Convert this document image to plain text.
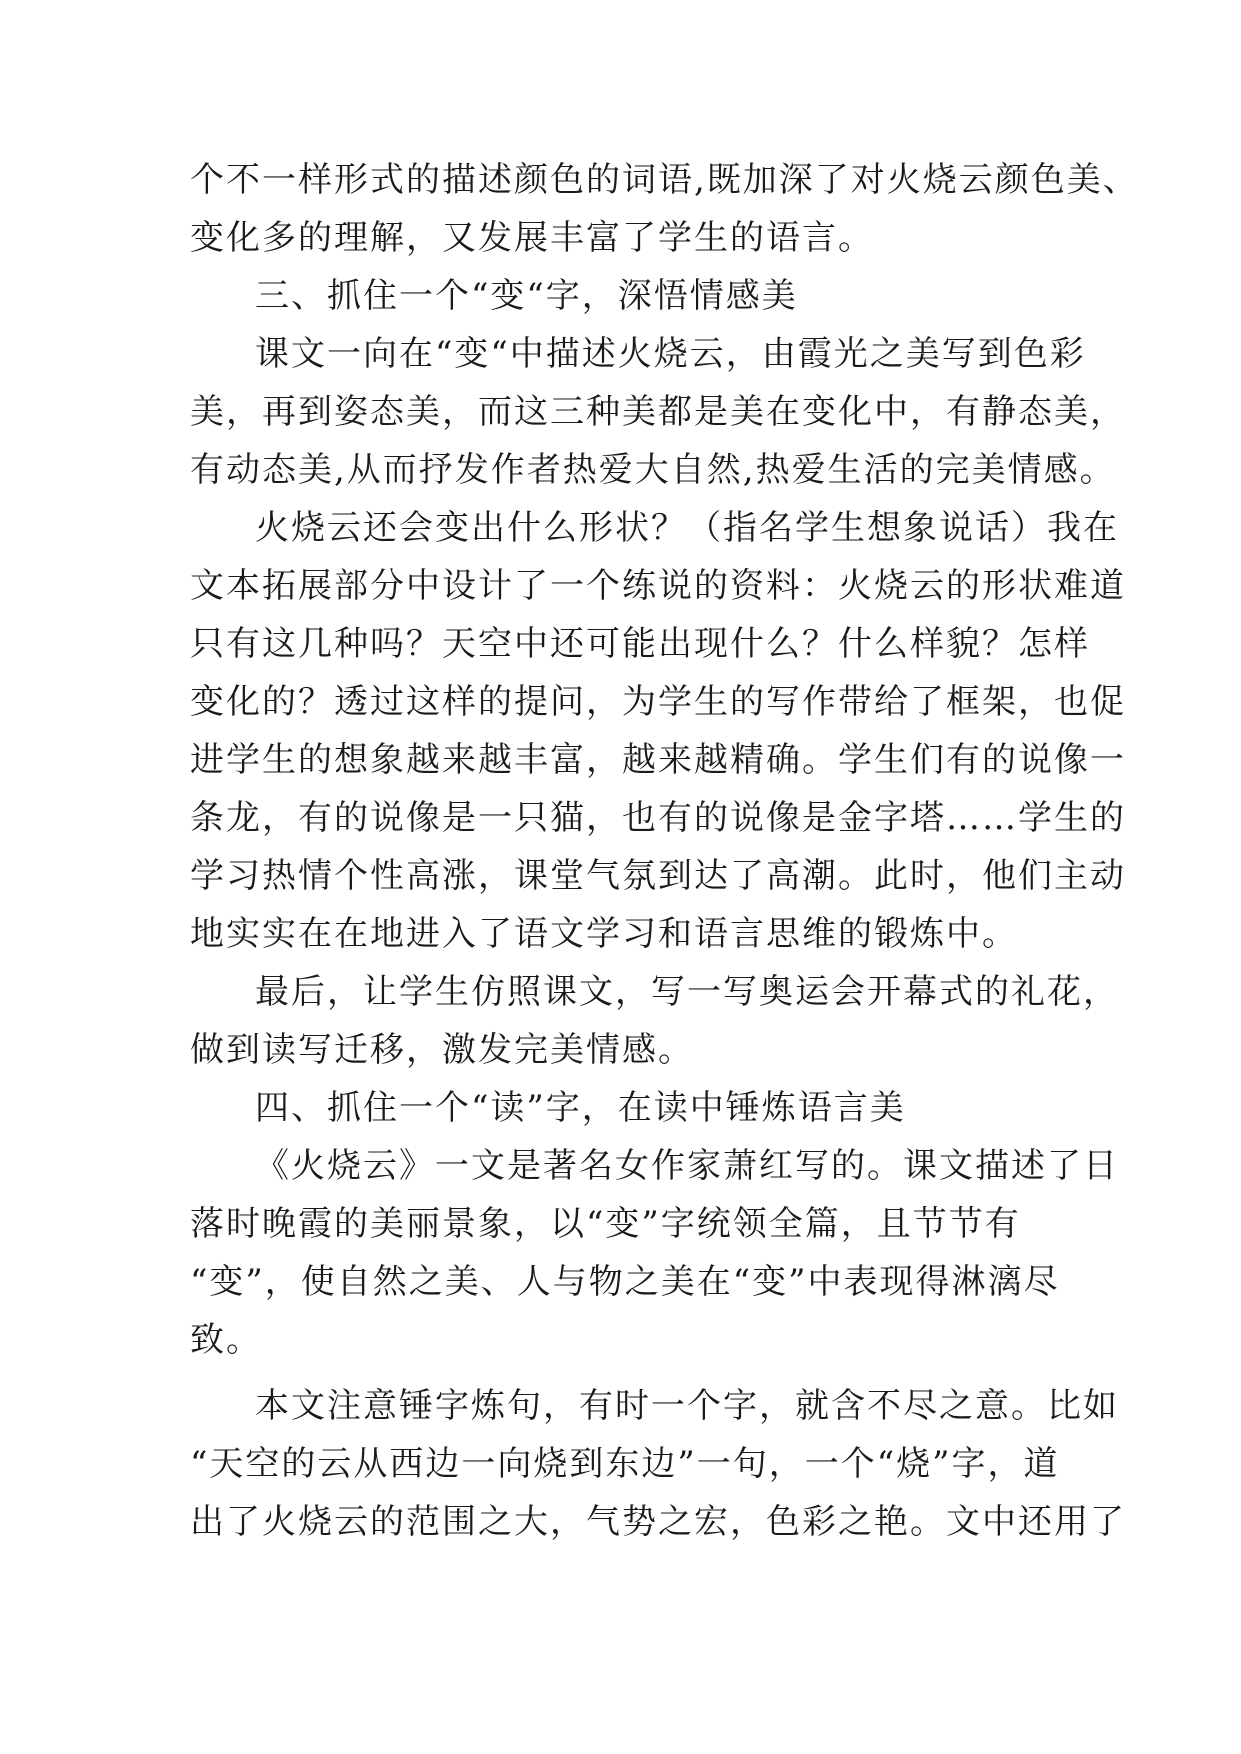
个不一样形式的描述颜色的词语,既加深了对火烧云颜色美、
变化多的理解，又发展丰富了学生的语言。
三、抓住一个“变“字，深悟情感美
课文一向在“变“中描述火烧云，由霞光之美写到色彩
美，再到姿态美，而这三种美都是美在变化中，有静态美，
有动态美,从而抒发作者热爱大自然,热爱生活的完美情感。
火烧云还会变出什么形状？（指名学生想象说话）我在
文本拓展部分中设计了一个练说的资料：火烧云的形状难道
只有这几种吗？天空中还可能出现什么？什么样貌？怎样
变化的？透过这样的提问，为学生的写作带给了框架，也促
进学生的想象越来越丰富，越来越精确。学生们有的说像一
条龙，有的说像是一只猫，也有的说像是金字塔……学生的
学习热情个性高涨，课堂气氛到达了高潮。此时，他们主动
地实实在在地进入了语文学习和语言思维的锻炼中。
最后，让学生仿照课文，写一写奥运会开幕式的礼花，
做到读写迁移，激发完美情感。
四、抓住一个“读”字，在读中锤炼语言美
《火烧云》一文是著名女作家萧红写的。课文描述了日
落时晚霞的美丽景象，以“变”字统领全篇，且节节有
“变”，使自然之美、人与物之美在“变”中表现得淋漓尽
致。
本文注意锤字炼句，有时一个字，就含不尽之意。比如
“天空的云从西边一向烧到东边”一句，一个“烧”字，道
出了火烧云的范围之大，气势之宏，色彩之艳。文中还用了
